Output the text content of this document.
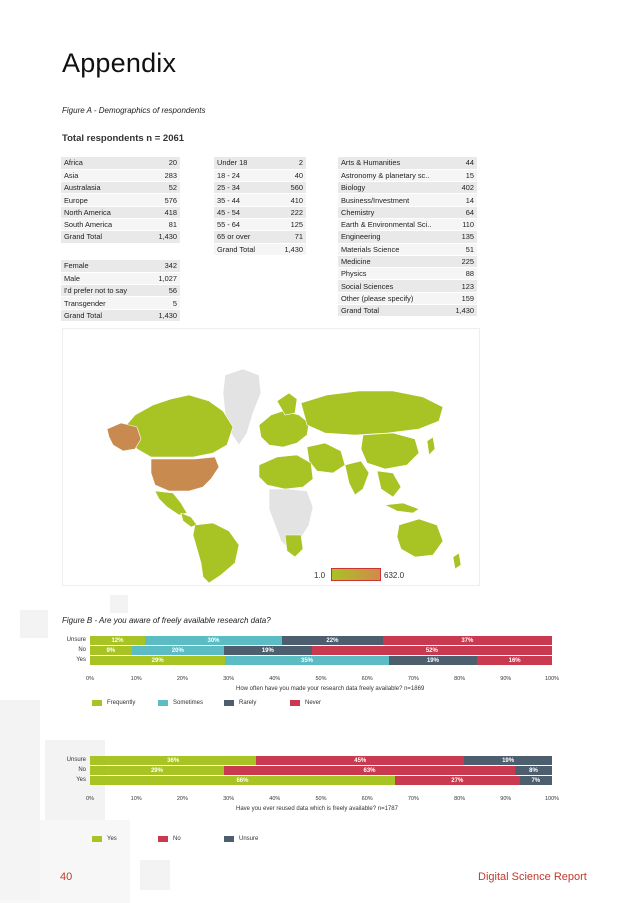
Appendix
Figure A - Demographics of respondents
Total respondents n = 2061
Africa	20
Asia	283
Australasia	52
Europe	576
North America	418
South America	81
Grand Total	1,430
Female	342
Male	1,027
I'd prefer not to say	56
Transgender	5
Grand Total	1,430
Under 18	2
18 - 24	40
25 - 34	560
35 - 44	410
45 - 54	222
55 - 64	125
65 or over	71
Grand Total	1,430
Arts & Humanities	44
Astronomy & planetary sc..	15
Biology	402
Business/Investment	14
Chemistry	64
Earth & Environmental Sci..	110
Engineering	135
Materials Science	51
Medicine	225
Physics	88
Social Sciences	123
Other (please specify)	159
Grand Total	1,430
1.0	632.0
Figure B - Are you aware of freely available research data?
Unsure	12%	30%	22%	37%
No	9%	20%	19%	52%
Yes	29%	35%	19%	16%
0%	10%	20%	30%	40%	50%	60%	70%	80%	90%	100%
How often have you made your research data freely available? n=1869
Frequently	Sometimes	Rarely	Never
Unsure	36%	45%	19%
No	29%	63%	8%
Yes	66%	27%	7%
0%	10%	20%	30%	40%	50%	60%	70%	80%	90%	100%
Have you ever reused data which is freely available? n=1787
Yes	No	Unsure
40	Digital Science Report
